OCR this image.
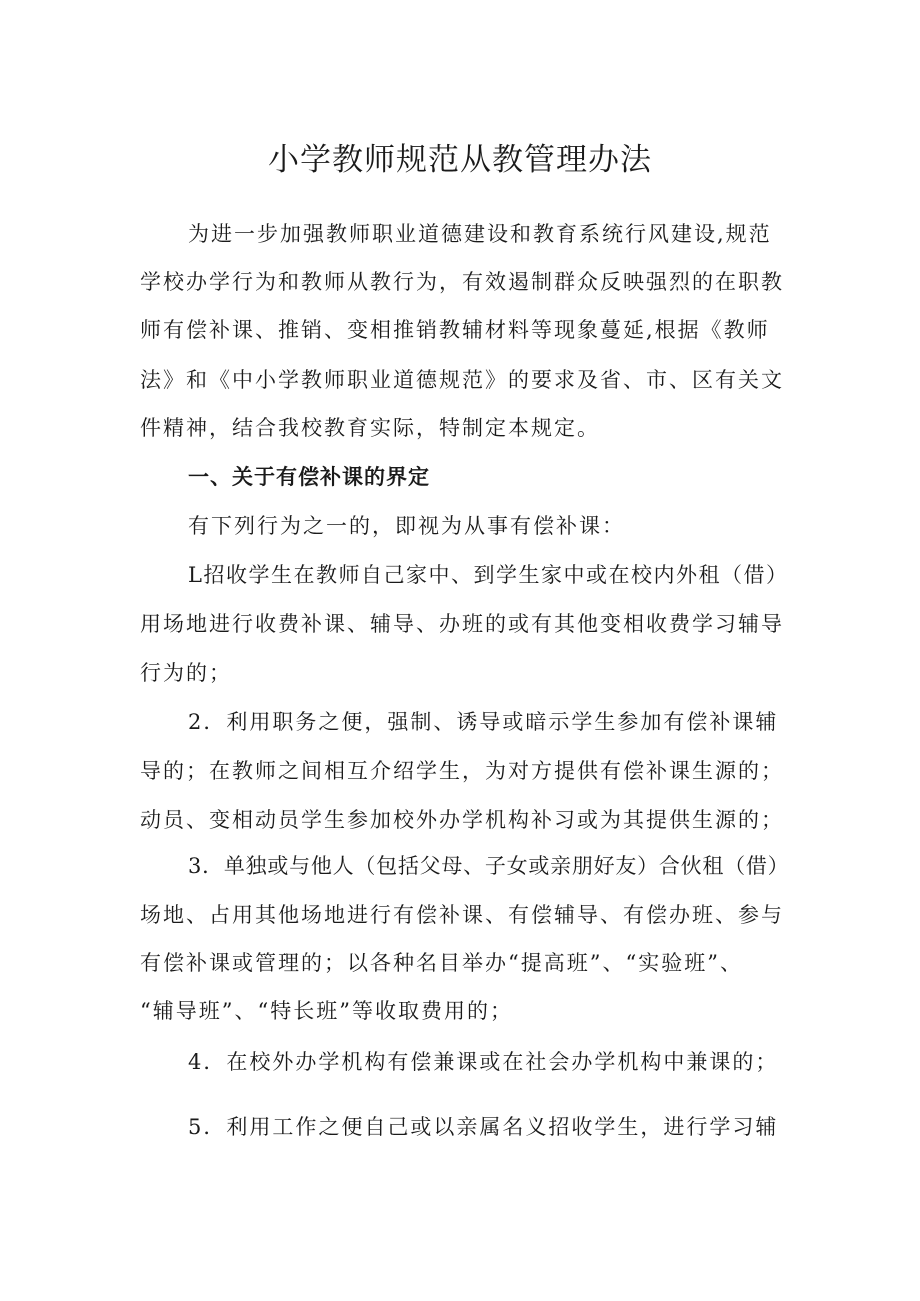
小学教师规范从教管理办法
为进一步加强教师职业道德建设和教育系统行风建设,规范
学校办学行为和教师从教行为，有效遏制群众反映强烈的在职教
师有偿补课、推销、变相推销教辅材料等现象蔓延,根据《教师
法》和《中小学教师职业道德规范》的要求及省、市、区有关文
件精神，结合我校教育实际，特制定本规定。
一、关于有偿补课的界定
有下列行为之一的，即视为从事有偿补课：
L招收学生在教师自己家中、到学生家中或在校内外租（借）
用场地进行收费补课、辅导、办班的或有其他变相收费学习辅导
行为的；
2．利用职务之便，强制、诱导或暗示学生参加有偿补课辅
导的；在教师之间相互介绍学生，为对方提供有偿补课生源的；
动员、变相动员学生参加校外办学机构补习或为其提供生源的；
3．单独或与他人（包括父母、子女或亲朋好友）合伙租（借）
场地、占用其他场地进行有偿补课、有偿辅导、有偿办班、参与
有偿补课或管理的；以各种名目举办“提高班”、“实验班”、
“辅导班”、“特长班”等收取费用的；
4．在校外办学机构有偿兼课或在社会办学机构中兼课的；
5．利用工作之便自己或以亲属名义招收学生，进行学习辅
